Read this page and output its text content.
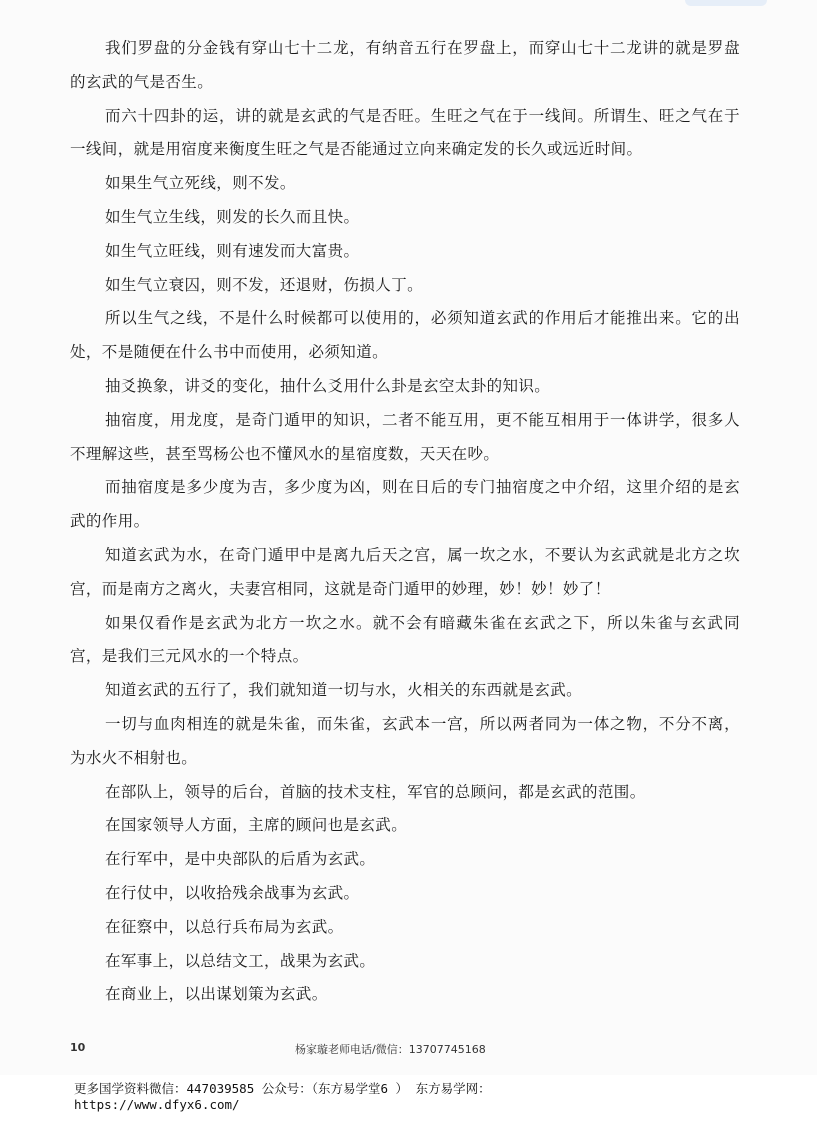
我们罗盘的分金钱有穿山七十二龙，有纳音五行在罗盘上，而穿山七十二龙讲的就是罗盘的玄武的气是否生。

而六十四卦的运，讲的就是玄武的气是否旺。生旺之气在于一线间。所谓生、旺之气在于一线间，就是用宿度来衡度生旺之气是否能通过立向来确定发的长久或远近时间。

如果生气立死线，则不发。

如生气立生线，则发的长久而且快。

如生气立旺线，则有速发而大富贵。

如生气立衰囚，则不发，还退财，伤损人丁。

所以生气之线，不是什么时候都可以使用的，必须知道玄武的作用后才能推出来。它的出处，不是随便在什么书中而使用，必须知道。

抽爻换象，讲爻的变化，抽什么爻用什么卦是玄空太卦的知识。

抽宿度，用龙度，是奇门遁甲的知识，二者不能互用，更不能互相用于一体讲学，很多人不理解这些，甚至骂杨公也不懂风水的星宿度数，天天在吵。

而抽宿度是多少度为吉，多少度为凶，则在日后的专门抽宿度之中介绍，这里介绍的是玄武的作用。

知道玄武为水，在奇门遁甲中是离九后天之宫，属一坎之水，不要认为玄武就是北方之坎宫，而是南方之离火，夫妻宫相同，这就是奇门遁甲的妙理，妙！妙！妙了！

如果仅看作是玄武为北方一坎之水。就不会有暗藏朱雀在玄武之下，所以朱雀与玄武同宫，是我们三元风水的一个特点。

知道玄武的五行了，我们就知道一切与水，火相关的东西就是玄武。

一切与血肉相连的就是朱雀，而朱雀，玄武本一宫，所以两者同为一体之物，不分不离，为水火不相射也。

在部队上，领导的后台，首脑的技术支柱，军官的总顾问，都是玄武的范围。

在国家领导人方面，主席的顾问也是玄武。

在行军中，是中央部队的后盾为玄武。

在行仗中，以收拾残余战事为玄武。

在征察中，以总行兵布局为玄武。

在军事上，以总结文工，战果为玄武。

在商业上，以出谋划策为玄武。

10	杨家璇老师电话/微信：13707745168
更多国学资料微信：447039585 公众号：（东方易学堂6 ） 东方易学网：
https://www.dfyx6.com/
